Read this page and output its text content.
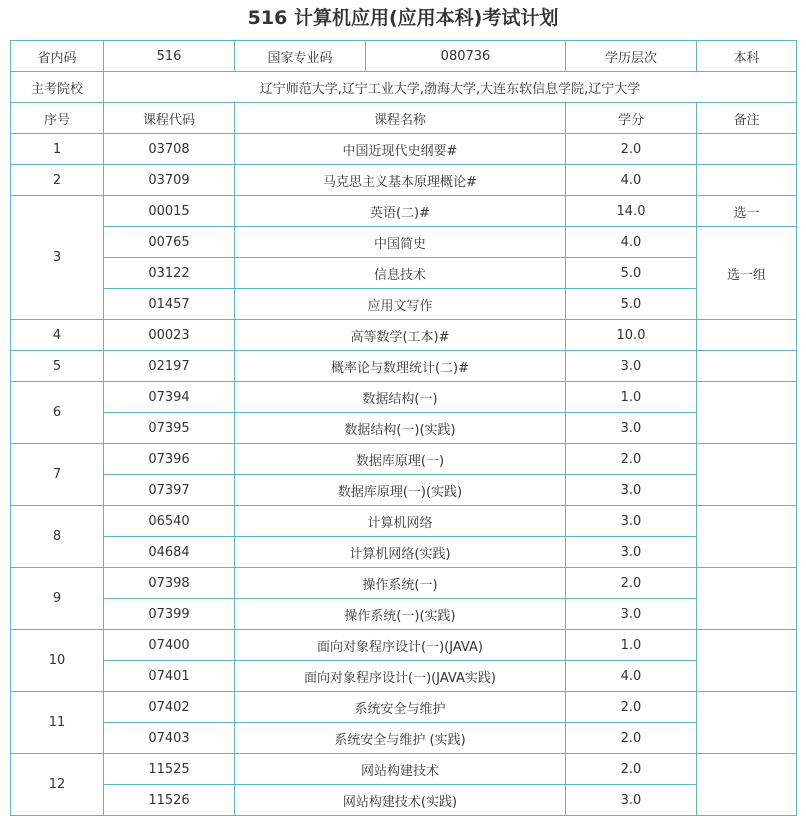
516 计算机应用(应用本科)考试计划
省内码	516	国家专业码	080736	学历层次	本科
主考院校	辽宁师范大学,辽宁工业大学,渤海大学,大连东软信息学院,辽宁大学				
序号	课程代码	课程名称		学分	备注
1	03708	中国近现代史纲要#		2.0	
2	03709	马克思主义基本原理概论#		4.0	
3	00015	英语(二)#		14.0	选一
	00765	中国简史		4.0	选一组
	03122	信息技术		5.0	
	01457	应用文写作		5.0	
4	00023	高等数学(工本)#		10.0	
5	02197	概率论与数理统计(二)#		3.0	
6	07394	数据结构(一)		1.0	
	07395	数据结构(一)(实践)		3.0	
7	07396	数据库原理(一)		2.0	
	07397	数据库原理(一)(实践)		3.0	
8	06540	计算机网络		3.0	
	04684	计算机网络(实践)		3.0	
9	07398	操作系统(一)		2.0	
	07399	操作系统(一)(实践)		3.0	
10	07400	面向对象程序设计(一)(JAVA)		1.0	
	07401	面向对象程序设计(一)(JAVA实践)		4.0	
11	07402	系统安全与维护		2.0	
	07403	系统安全与维护 (实践)		2.0	
12	11525	网站构建技术		2.0	
	11526	网站构建技术(实践)		3.0	
